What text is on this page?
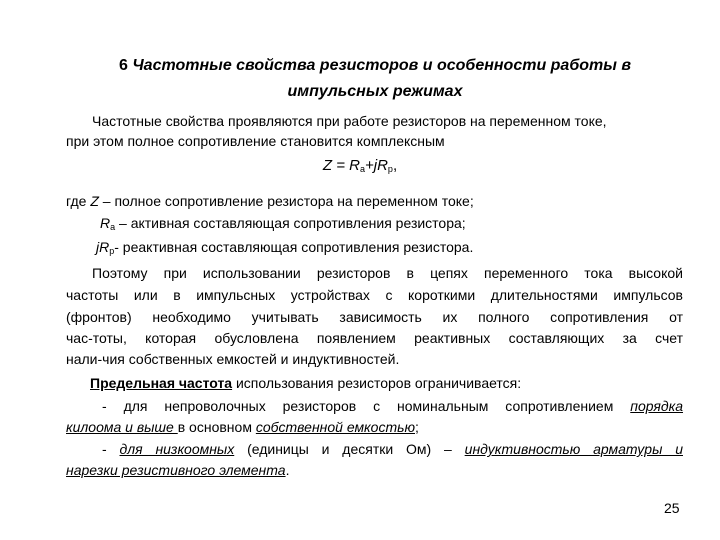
6 Частотные свойства резисторов и особенности работы в
импульсных режимах
Частотные свойства проявляются при работе резисторов на переменном токе,
при этом полное сопротивление становится комплексным
$Z = R_а+jR_р$,
где Z – полное сопротивление резистора на переменном токе;
$R_а$ – активная составляющая сопротивления резистора;
$jR_р-$ реактивная составляющая сопротивления резистора.
Поэтому при использовании резисторов в цепях переменного тока высокой
частоты или в импульсных устройствах с короткими длительностями импульсов
(фронтов) необходимо учитывать зависимость их полного сопротивления от
час-тоты, которая обусловлена появлением реактивных составляющих за счет
нали-чия собственных емкостей и индуктивностей.
Предельная частота использования резисторов ограничивается:
- для непроволочных резисторов с номинальным сопротивлением порядка
килоома и выше в основном собственной емкостью;
- для низкоомных (единицы и десятки Ом) – индуктивностью арматуры и
нарезки резистивного элемента.
25
